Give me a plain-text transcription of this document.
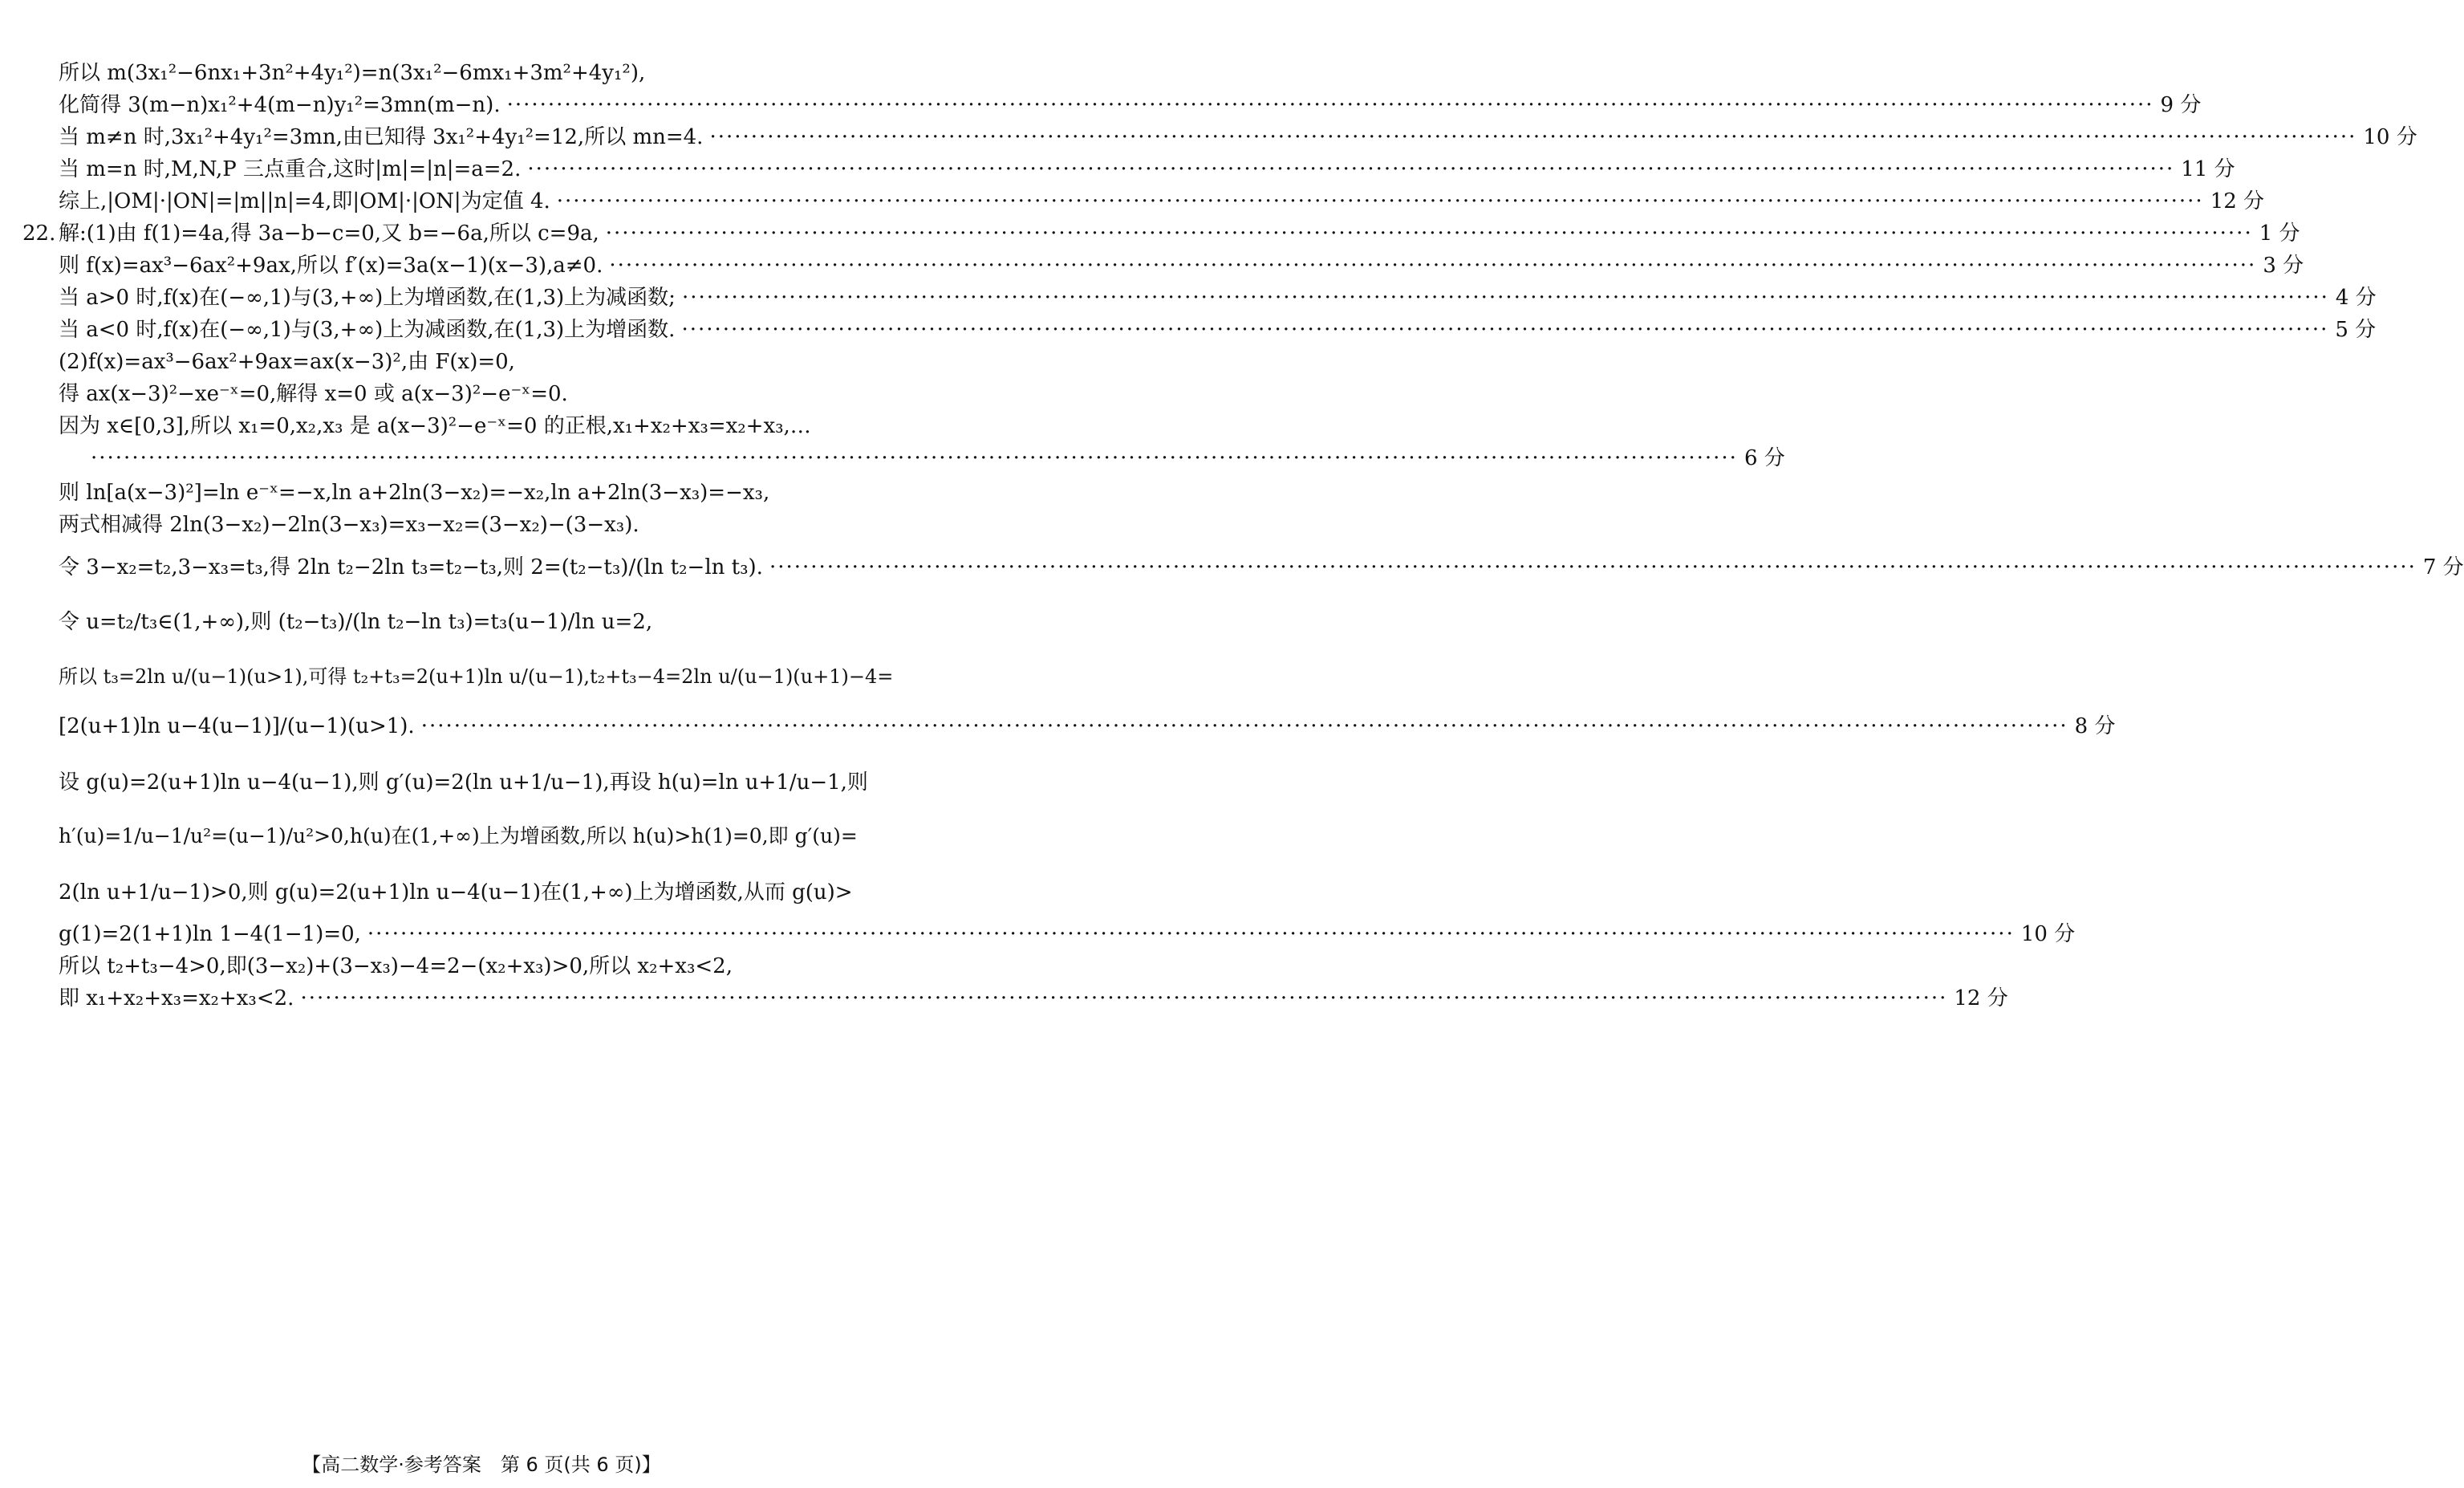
所以 m(3x₁²−6nx₁+3n²+4y₁²)=n(3x₁²−6mx₁+3m²+4y₁²),
化简得 3(m−n)x₁²+4(m−n)y₁²=3mn(m−n). ········································································································································································································ 9 分
当 m≠n 时,3x₁²+4y₁²=3mn,由已知得 3x₁²+4y₁²=12,所以 mn=4. ········································································································································································································ 10 分
当 m=n 时,M,N,P 三点重合,这时|m|=|n|=a=2. ········································································································································································································ 11 分
综上,|OM|·|ON|=|m||n|=4,即|OM|·|ON|为定值 4. ········································································································································································································ 12 分
22. 解:(1)由 f(1)=4a,得 3a−b−c=0,又 b=−6a,所以 c=9a, ········································································································································································································ 1 分
则 f(x)=ax³−6ax²+9ax,所以 f′(x)=3a(x−1)(x−3),a≠0. ········································································································································································································ 3 分
当 a>0 时,f(x)在(−∞,1)与(3,+∞)上为增函数,在(1,3)上为减函数; ········································································································································································································ 4 分
当 a<0 时,f(x)在(−∞,1)与(3,+∞)上为减函数,在(1,3)上为增函数. ········································································································································································································ 5 分
(2)f(x)=ax³−6ax²+9ax=ax(x−3)²,由 F(x)=0,
得 ax(x−3)²−xe⁻ˣ=0,解得 x=0 或 a(x−3)²−e⁻ˣ=0.
因为 x∈[0,3],所以 x₁=0,x₂,x₃ 是 a(x−3)²−e⁻ˣ=0 的正根,x₁+x₂+x₃=x₂+x₃,…
········································································································································································································ 6 分
则 ln[a(x−3)²]=ln e⁻ˣ=−x,ln a+2ln(3−x₂)=−x₂,ln a+2ln(3−x₃)=−x₃,
两式相减得 2ln(3−x₂)−2ln(3−x₃)=x₃−x₂=(3−x₂)−(3−x₃).
令 3−x₂=t₂,3−x₃=t₃,得 2ln t₂−2ln t₃=t₂−t₃,则 2=(t₂−t₃)/(ln t₂−ln t₃). ········································································································································································································ 7 分
令 u=t₂/t₃∈(1,+∞),则 (t₂−t₃)/(ln t₂−ln t₃)=t₃(u−1)/ln u=2,
所以 t₃=2ln u/(u−1)(u>1),可得 t₂+t₃=2(u+1)ln u/(u−1),t₂+t₃−4=2ln u/(u−1)(u+1)−4=
[2(u+1)ln u−4(u−1)]/(u−1)(u>1). ········································································································································································································ 8 分
设 g(u)=2(u+1)ln u−4(u−1),则 g′(u)=2(ln u+1/u−1),再设 h(u)=ln u+1/u−1,则
h′(u)=1/u−1/u²=(u−1)/u²>0,h(u)在(1,+∞)上为增函数,所以 h(u)>h(1)=0,即 g′(u)=
2(ln u+1/u−1)>0,则 g(u)=2(u+1)ln u−4(u−1)在(1,+∞)上为增函数,从而 g(u)>
g(1)=2(1+1)ln 1−4(1−1)=0, ········································································································································································································ 10 分
所以 t₂+t₃−4>0,即(3−x₂)+(3−x₃)−4=2−(x₂+x₃)>0,所以 x₂+x₃<2,
即 x₁+x₂+x₃=x₂+x₃<2. ········································································································································································································ 12 分
【高二数学·参考答案　第 6 页(共 6 页)】
